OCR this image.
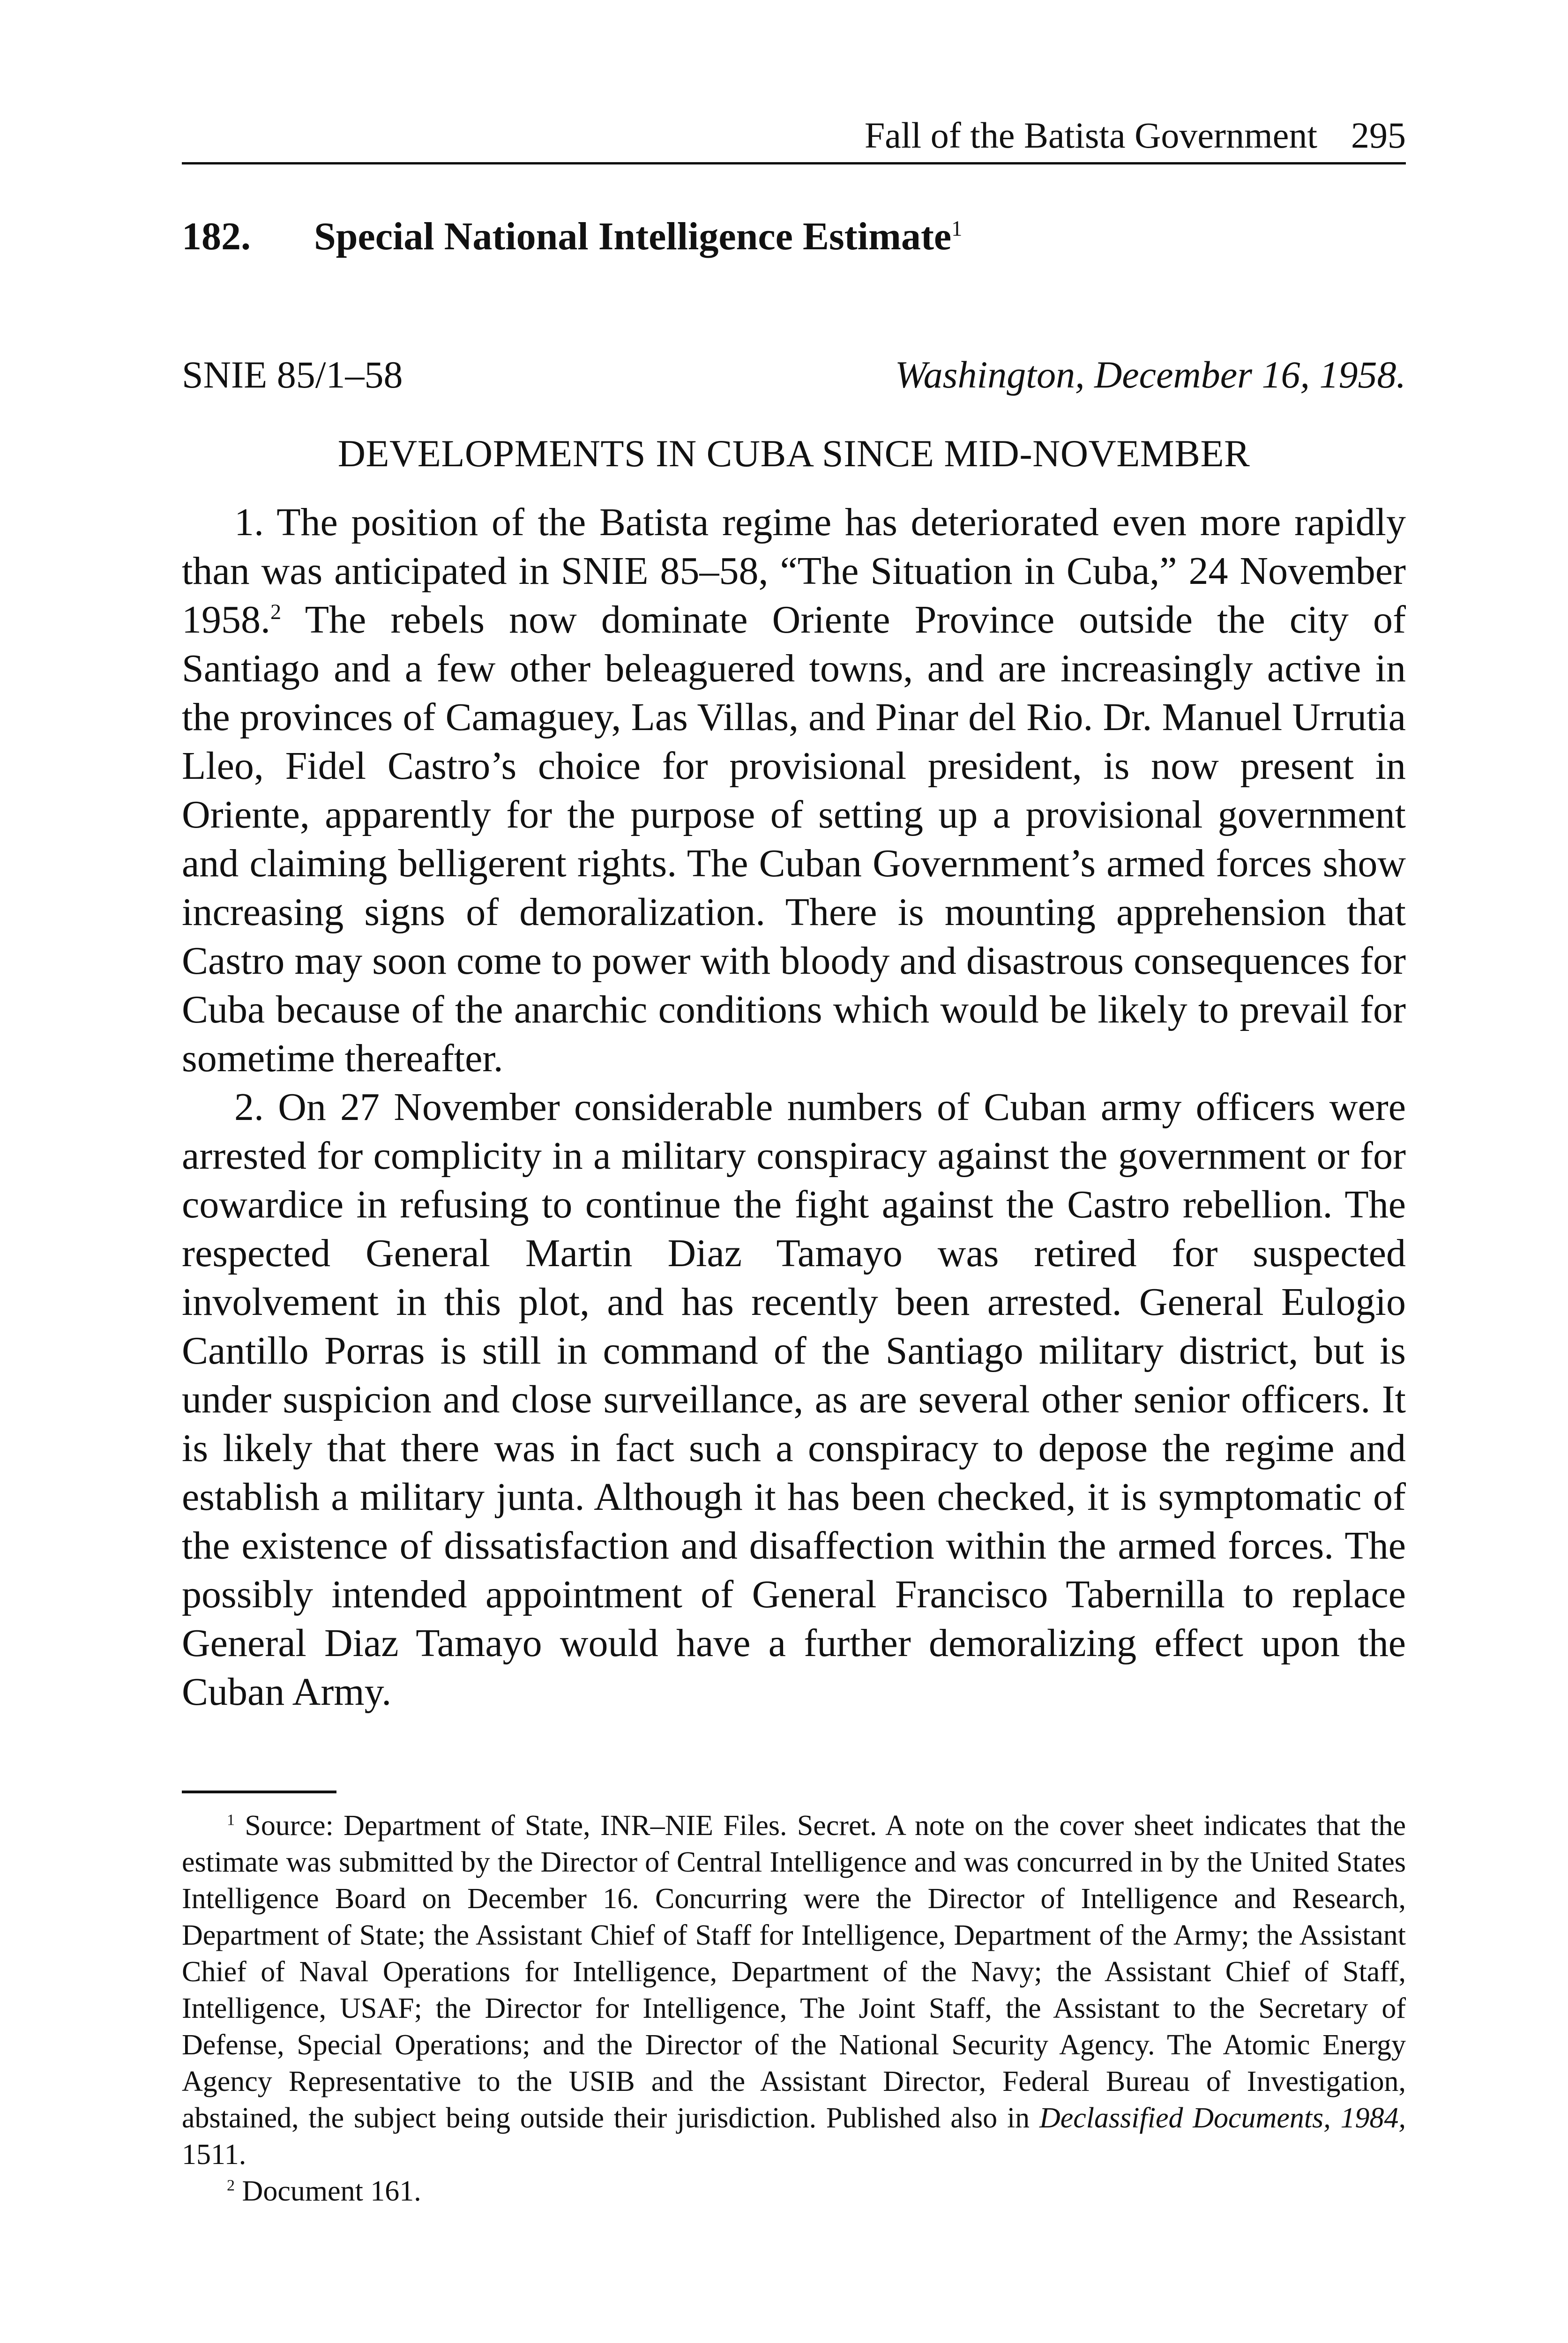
Fall of the Batista Government 295
182.	Special National Intelligence Estimate$^1$
SNIE 85/1–58	Washington, December 16, 1958.
DEVELOPMENTS IN CUBA SINCE MID-NOVEMBER

1. The position of the Batista regime has deteriorated even more rapidly than was anticipated in SNIE 85–58, “The Situation in Cuba,” 24 November 1958.$^2$ The rebels now dominate Oriente Province outside the city of Santiago and a few other beleaguered towns, and are increasingly active in the provinces of Camaguey, Las Villas, and Pinar del Rio. Dr. Manuel Urrutia Lleo, Fidel Castro’s choice for provisional president, is now present in Oriente, apparently for the purpose of setting up a provisional government and claiming belligerent rights. The Cuban Government’s armed forces show increasing signs of demoralization. There is mounting apprehension that Castro may soon come to power with bloody and disastrous consequences for Cuba because of the anarchic conditions which would be likely to prevail for sometime thereafter.

2. On 27 November considerable numbers of Cuban army officers were arrested for complicity in a military conspiracy against the government or for cowardice in refusing to continue the fight against the Castro rebellion. The respected General Martin Diaz Tamayo was retired for suspected involvement in this plot, and has recently been arrested. General Eulogio Cantillo Porras is still in command of the Santiago military district, but is under suspicion and close surveillance, as are several other senior officers. It is likely that there was in fact such a conspiracy to depose the regime and establish a military junta. Although it has been checked, it is symptomatic of the existence of dissatisfaction and disaffection within the armed forces. The possibly intended appointment of General Francisco Tabernilla to replace General Diaz Tamayo would have a further demoralizing effect upon the Cuban Army.

$^1$ Source: Department of State, INR–NIE Files. Secret. A note on the cover sheet indicates that the estimate was submitted by the Director of Central Intelligence and was concurred in by the United States Intelligence Board on December 16. Concurring were the Director of Intelligence and Research, Department of State; the Assistant Chief of Staff for Intelligence, Department of the Army; the Assistant Chief of Naval Operations for Intelligence, Department of the Navy; the Assistant Chief of Staff, Intelligence, USAF; the Director for Intelligence, The Joint Staff, the Assistant to the Secretary of Defense, Special Operations; and the Director of the National Security Agency. The Atomic Energy Agency Representative to the USIB and the Assistant Director, Federal Bureau of Investigation, abstained, the subject being outside their jurisdiction. Published also in Declassified Documents, 1984, 1511.

$^2$ Document 161.
